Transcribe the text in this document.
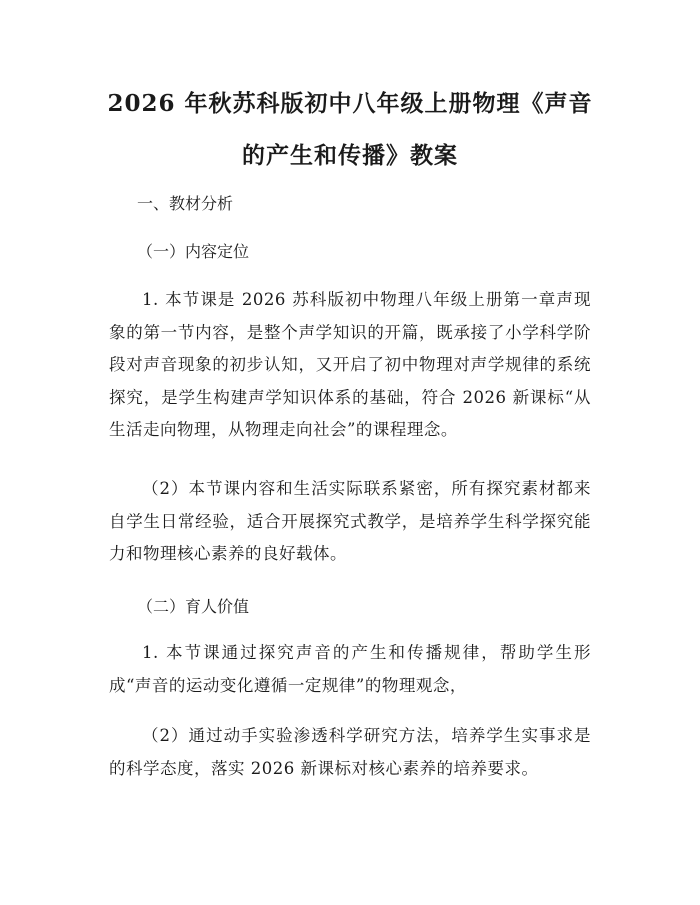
2026 年秋苏科版初中八年级上册物理《声音
的产生和传播》教案
一、教材分析
（一）内容定位
1. 本节课是 2026 苏科版初中物理八年级上册第一章声现象的第一节内容，是整个声学知识的开篇，既承接了小学科学阶段对声音现象的初步认知，又开启了初中物理对声学规律的系统探究，是学生构建声学知识体系的基础，符合 2026 新课标“从生活走向物理，从物理走向社会”的课程理念。
（2）本节课内容和生活实际联系紧密，所有探究素材都来自学生日常经验，适合开展探究式教学，是培养学生科学探究能力和物理核心素养的良好载体。
（二）育人价值
1. 本节课通过探究声音的产生和传播规律，帮助学生形成“声音的运动变化遵循一定规律”的物理观念，
（2）通过动手实验渗透科学研究方法，培养学生实事求是的科学态度，落实 2026 新课标对核心素养的培养要求。
